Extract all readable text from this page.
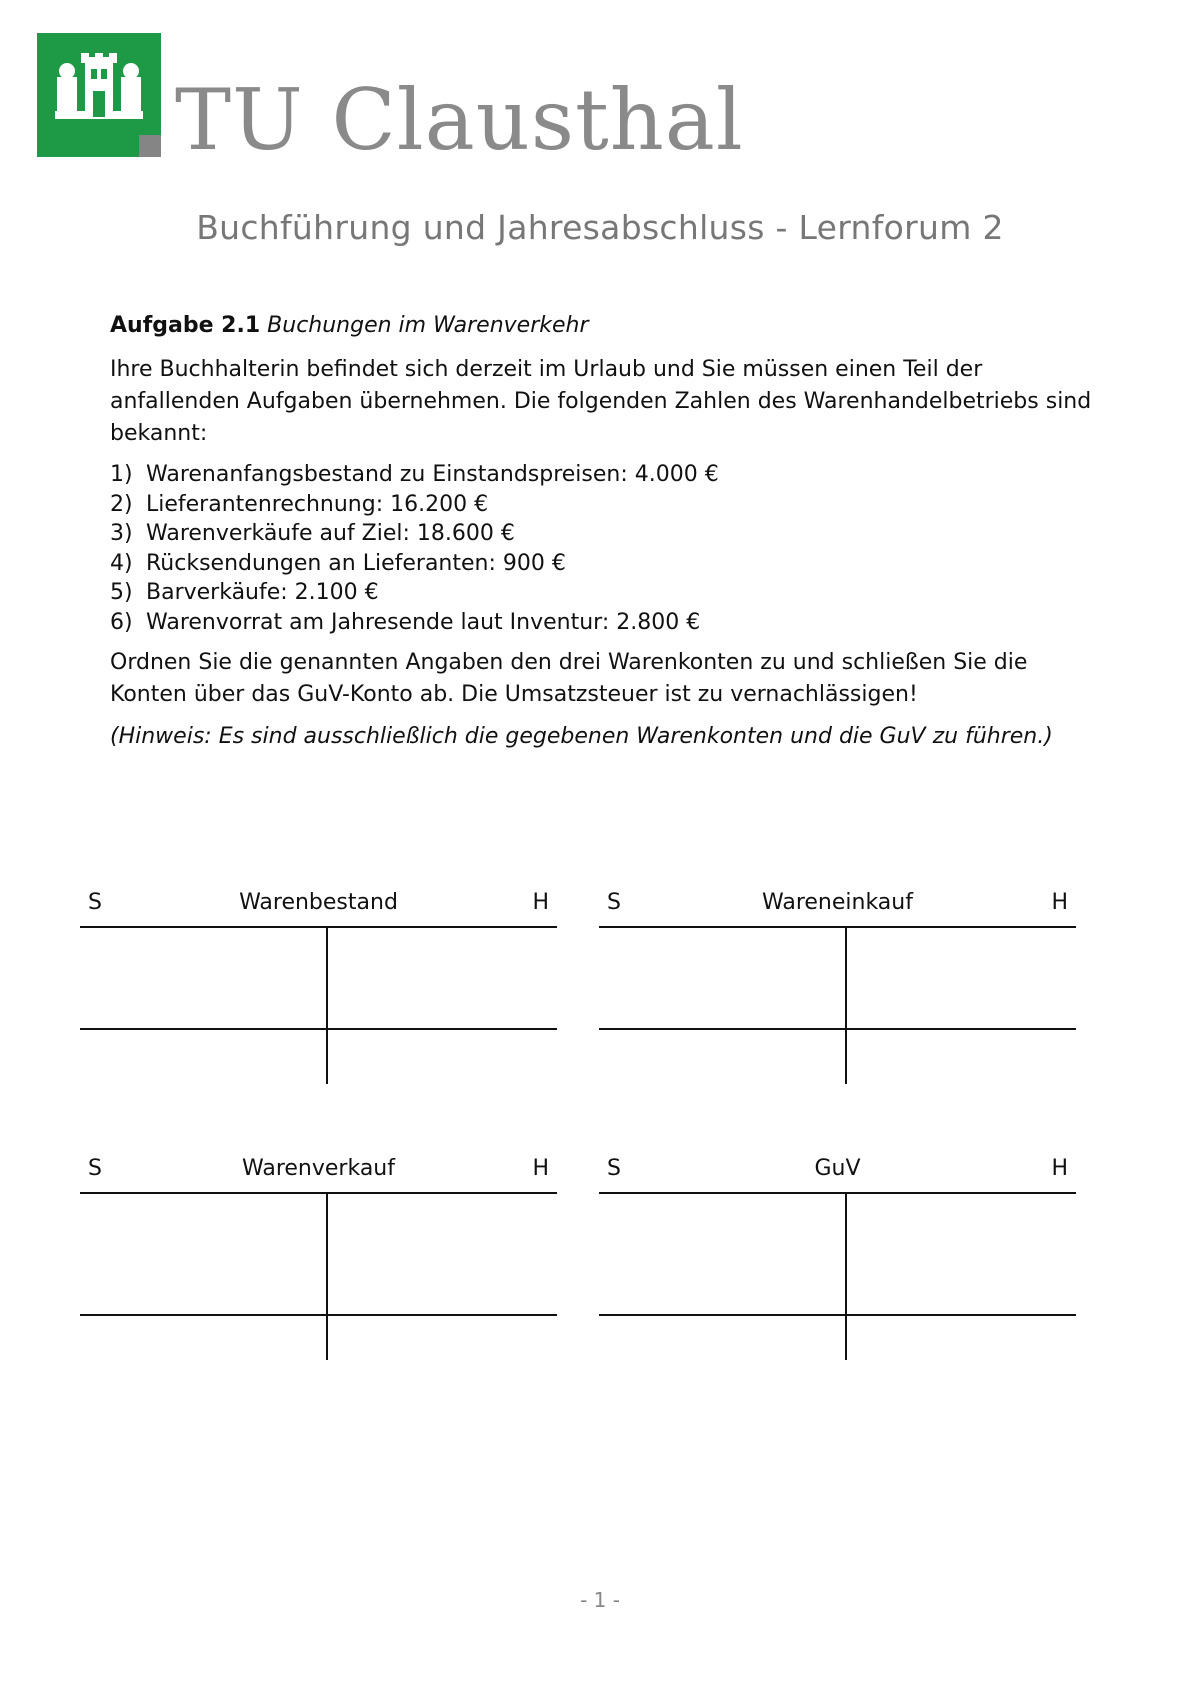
TU Clausthal
Buchführung und Jahresabschluss - Lernforum 2
Aufgabe 2.1 Buchungen im Warenverkehr

Ihre Buchhalterin befindet sich derzeit im Urlaub und Sie müssen einen Teil der anfallenden Aufgaben übernehmen. Die folgenden Zahlen des Warenhandelbetriebs sind bekannt:

1) Warenanfangsbestand zu Einstandspreisen: 4.000 €
2) Lieferantenrechnung: 16.200 €
3) Warenverkäufe auf Ziel: 18.600 €
4) Rücksendungen an Lieferanten: 900 €
5) Barverkäufe: 2.100 €
6) Warenvorrat am Jahresende laut Inventur: 2.800 €

Ordnen Sie die genannten Angaben den drei Warenkonten zu und schließen Sie die Konten über das GuV-Konto ab. Die Umsatzsteuer ist zu vernachlässigen!

(Hinweis: Es sind ausschließlich die gegebenen Warenkonten und die GuV zu führen.)

S	Warenbestand	H	S	Wareneinkauf	H
S	Warenverkauf	H	S	GuV	H
- 1 -
